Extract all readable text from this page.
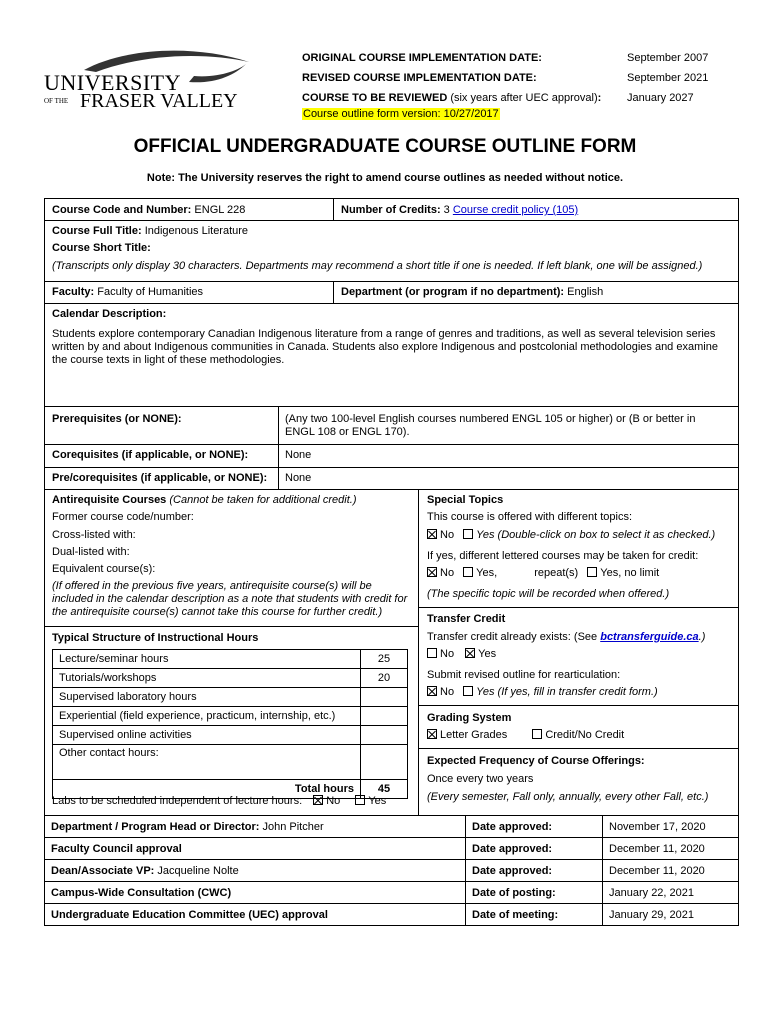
UNIVERSITY
OF THE FRASER VALLEY
ORIGINAL COURSE IMPLEMENTATION DATE:	September 2007
REVISED COURSE IMPLEMENTATION DATE:	September 2021
COURSE TO BE REVIEWED (six years after UEC approval): January 2027
Course outline form version: 10/27/2017
OFFICIAL UNDERGRADUATE COURSE OUTLINE FORM
Note: The University reserves the right to amend course outlines as needed without notice.
Course Code and Number: ENGL 228	Number of Credits: 3 Course credit policy (105)
Course Full Title: Indigenous Literature
Course Short Title:
(Transcripts only display 30 characters. Departments may recommend a short title if one is needed. If left blank, one will be assigned.)
Faculty: Faculty of Humanities	Department (or program if no department): English
Calendar Description:
Students explore contemporary Canadian Indigenous literature from a range of genres and traditions, as well as several television series written by and about Indigenous communities in Canada. Students also explore Indigenous and postcolonial methodologies and examine the course texts in light of these methodologies.
Prerequisites (or NONE):	(Any two 100-level English courses numbered ENGL 105 or higher) or (B or better in ENGL 108 or ENGL 170).
Corequisites (if applicable, or NONE):	None
Pre/corequisites (if applicable, or NONE): None
Antirequisite Courses (Cannot be taken for additional credit.)
Former course code/number:
Cross-listed with:
Dual-listed with:
Equivalent course(s):
(If offered in the previous five years, antirequisite course(s) will be included in the calendar description as a note that students with credit for the antirequisite course(s) cannot take this course for further credit.)
Typical Structure of Instructional Hours
Lecture/seminar hours	25
Tutorials/workshops	20
Supervised laboratory hours	
Experiential (field experience, practicum, internship, etc.)	
Supervised online activities	
Other contact hours:	
Total hours	45
Labs to be scheduled independent of lecture hours: No	Yes
Special Topics
This course is offered with different topics:
No Yes (Double-click on box to select it as checked.)
If yes, different lettered courses may be taken for credit:
No Yes,	repeat(s) Yes, no limit
(The specific topic will be recorded when offered.)
Transfer Credit
Transfer credit already exists: (See bctransferguide.ca.)
No Yes
Submit revised outline for rearticulation:
No Yes (If yes, fill in transfer credit form.)
Grading System
Letter Grades	Credit/No Credit
Expected Frequency of Course Offerings:
Once every two years
(Every semester, Fall only, annually, every other Fall, etc.)
Department / Program Head or Director: John Pitcher	Date approved:	November 17, 2020
Faculty Council approval	Date approved:	December 11, 2020
Dean/Associate VP: Jacqueline Nolte	Date approved:	December 11, 2020
Campus-Wide Consultation (CWC)	Date of posting:	January 22, 2021
Undergraduate Education Committee (UEC) approval	Date of meeting:	January 29, 2021
